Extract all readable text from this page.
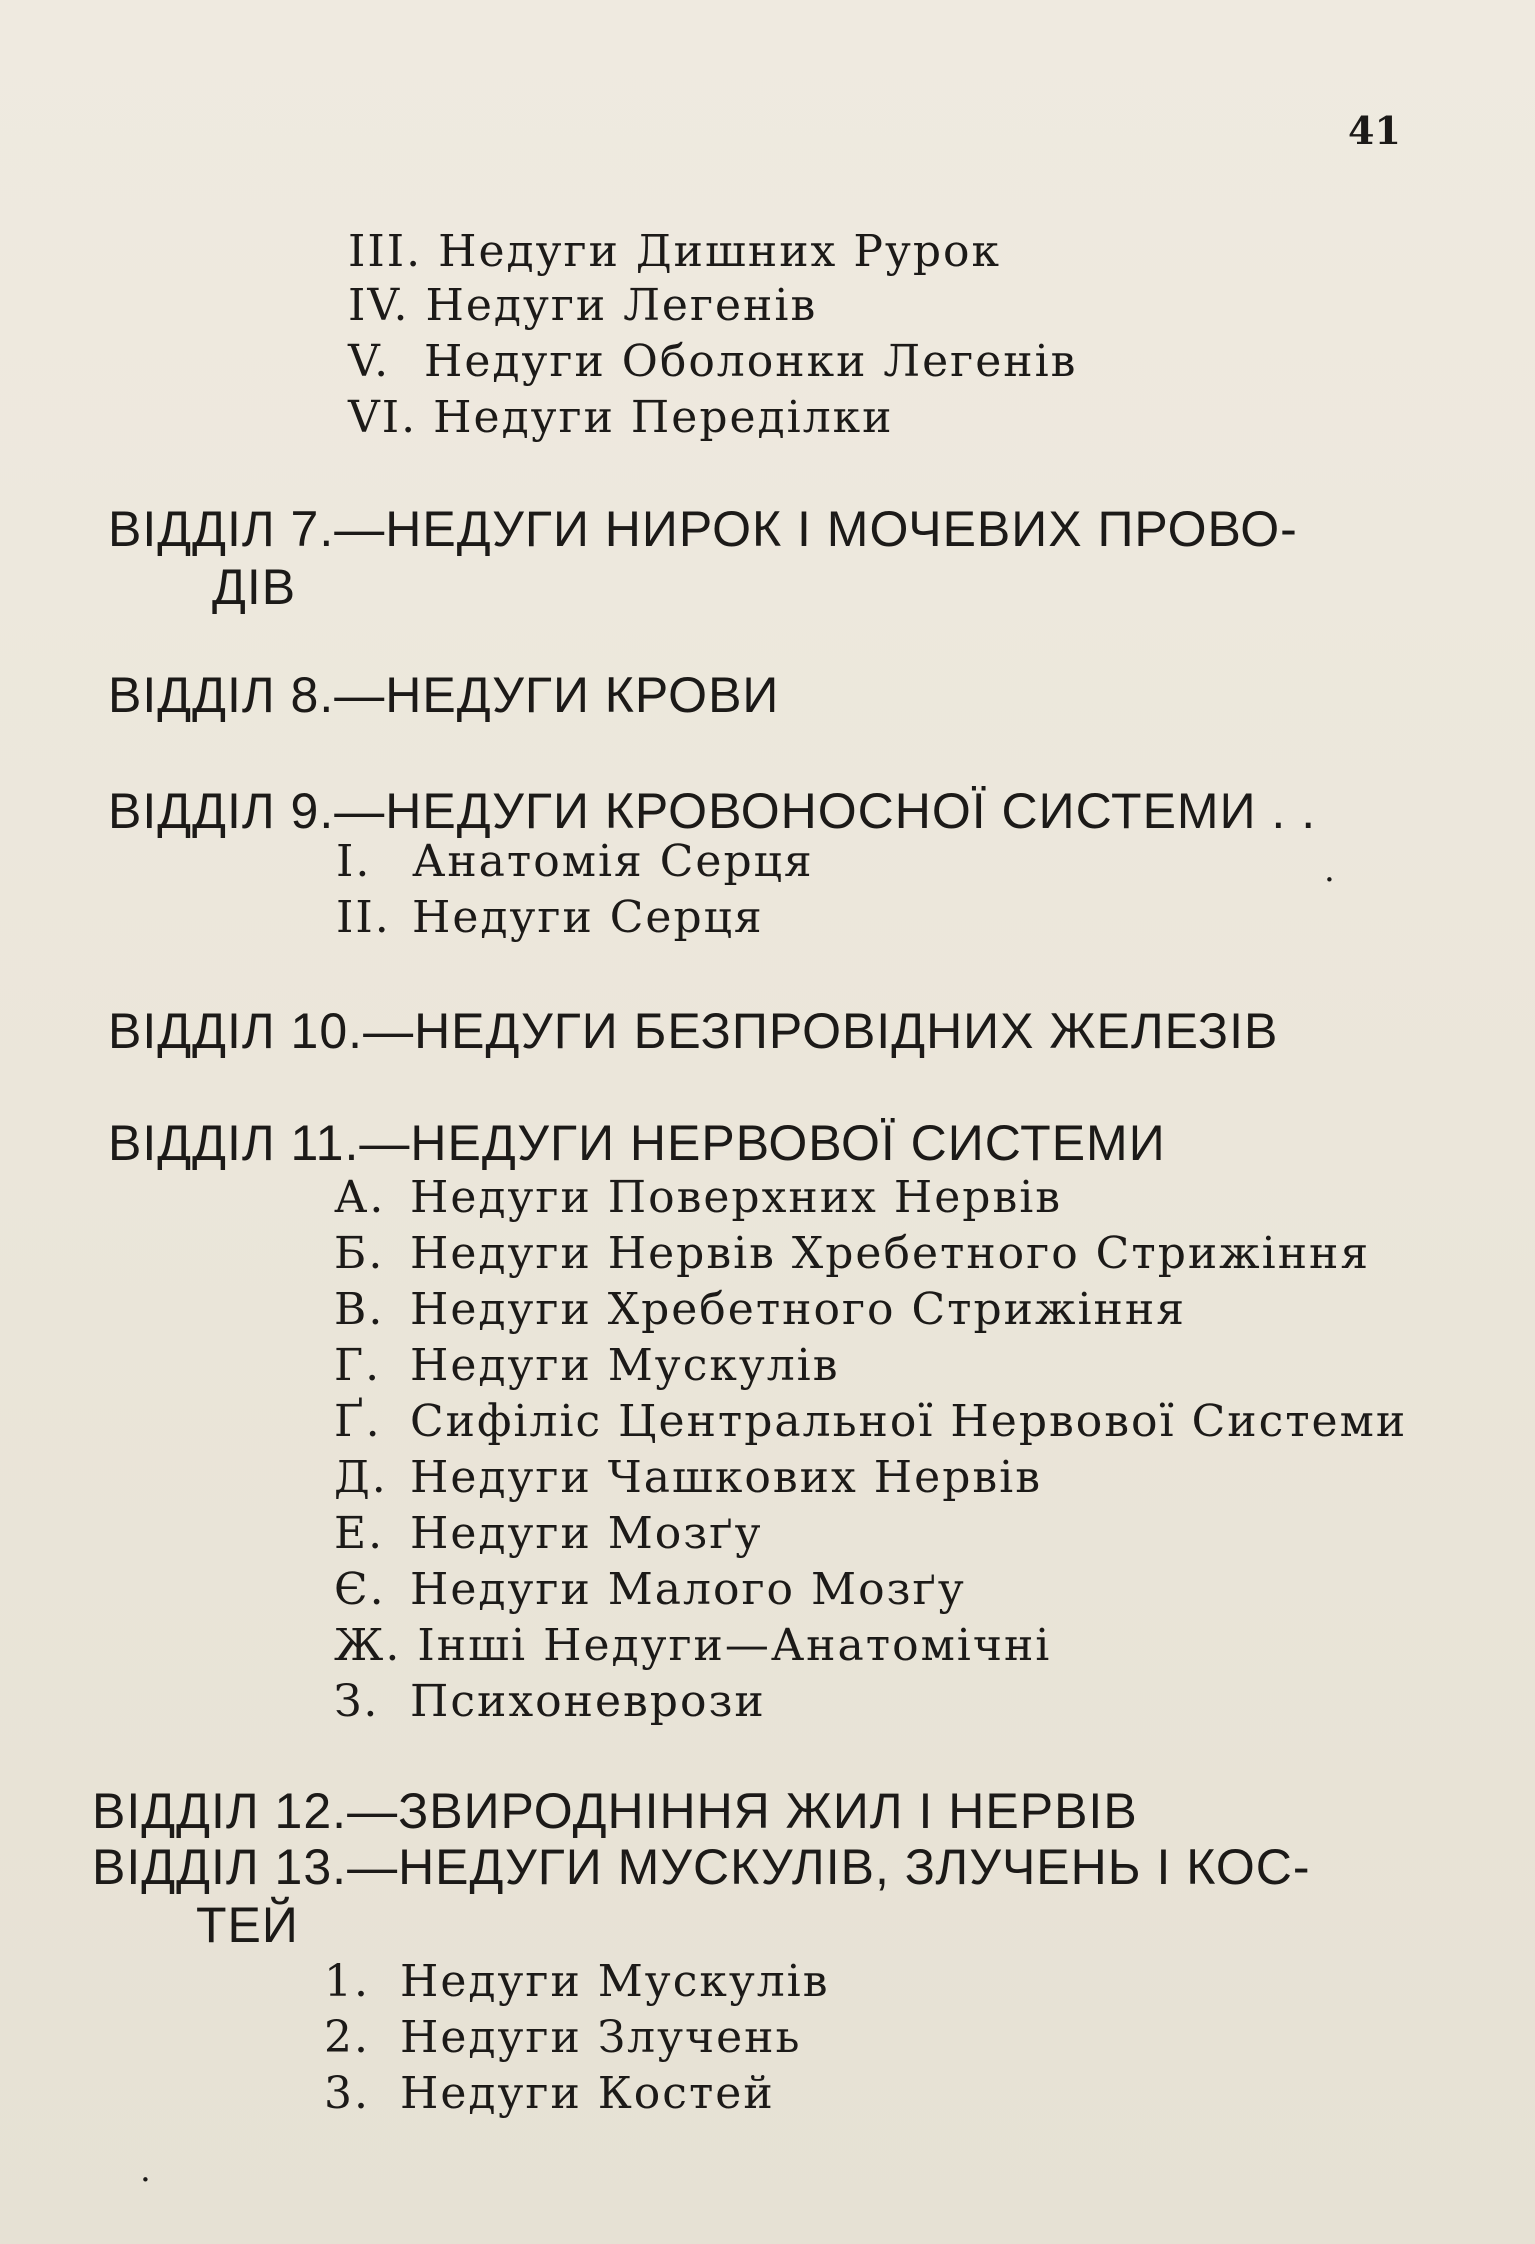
41
III. Недуги Дишних Рурок
IV. Недуги Легенів
V. Недуги Оболонки Легенів
VI. Недуги Переділки
ВІДДІЛ 7.—НЕДУГИ НИРОК І МОЧЕВИХ ПРОВО-
ДІВ
ВІДДІЛ 8.—НЕДУГИ КРОВИ
ВІДДІЛ 9.—НЕДУГИ КРОВОНОСНОЇ СИСТЕМИ . .
I. Анатомія Серця
II. Недуги Серця
.
ВІДДІЛ 10.—НЕДУГИ БЕЗПРОВІДНИХ ЖЕЛЕЗІВ
ВІДДІЛ 11.—НЕДУГИ НЕРВОВОЇ СИСТЕМИ
А. Недуги Поверхних Нервів
Б. Недуги Нервів Хребетного Стрижіння
В. Недуги Хребетного Стрижіння
Г. Недуги Мускулів
Ґ. Сифіліс Центральної Нервової Системи
Д. Недуги Чашкових Нервів
Е. Недуги Мозґу
Є. Недуги Малого Мозґу
Ж. Інші Недуги—Анатомічні
З. Психоневрози
ВІДДІЛ 12.—ЗВИРОДНІННЯ ЖИЛ І НЕРВІВ
ВІДДІЛ 13.—НЕДУГИ МУСКУЛІВ, ЗЛУЧЕНЬ І КОС-
ТЕЙ
1. Недуги Мускулів
2. Недуги Злучень
3. Недуги Костей
.
